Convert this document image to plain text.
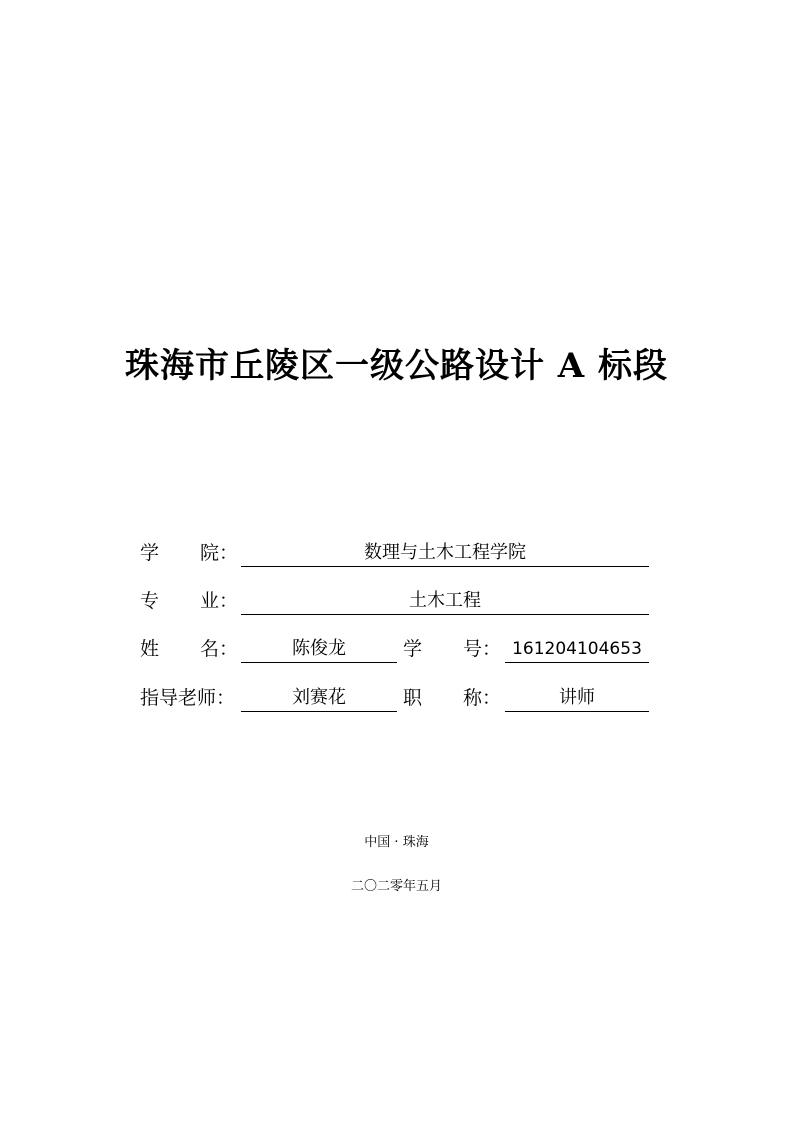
珠海市丘陵区一级公路设计 A 标段
学 院：	数理与土木工程学院
专 业：	土木工程
姓 名：	陈俊龙	学 号： 161204104653
指导老师：	刘赛花	职 称：	讲师
中国 · 珠海
二〇二零年五月
